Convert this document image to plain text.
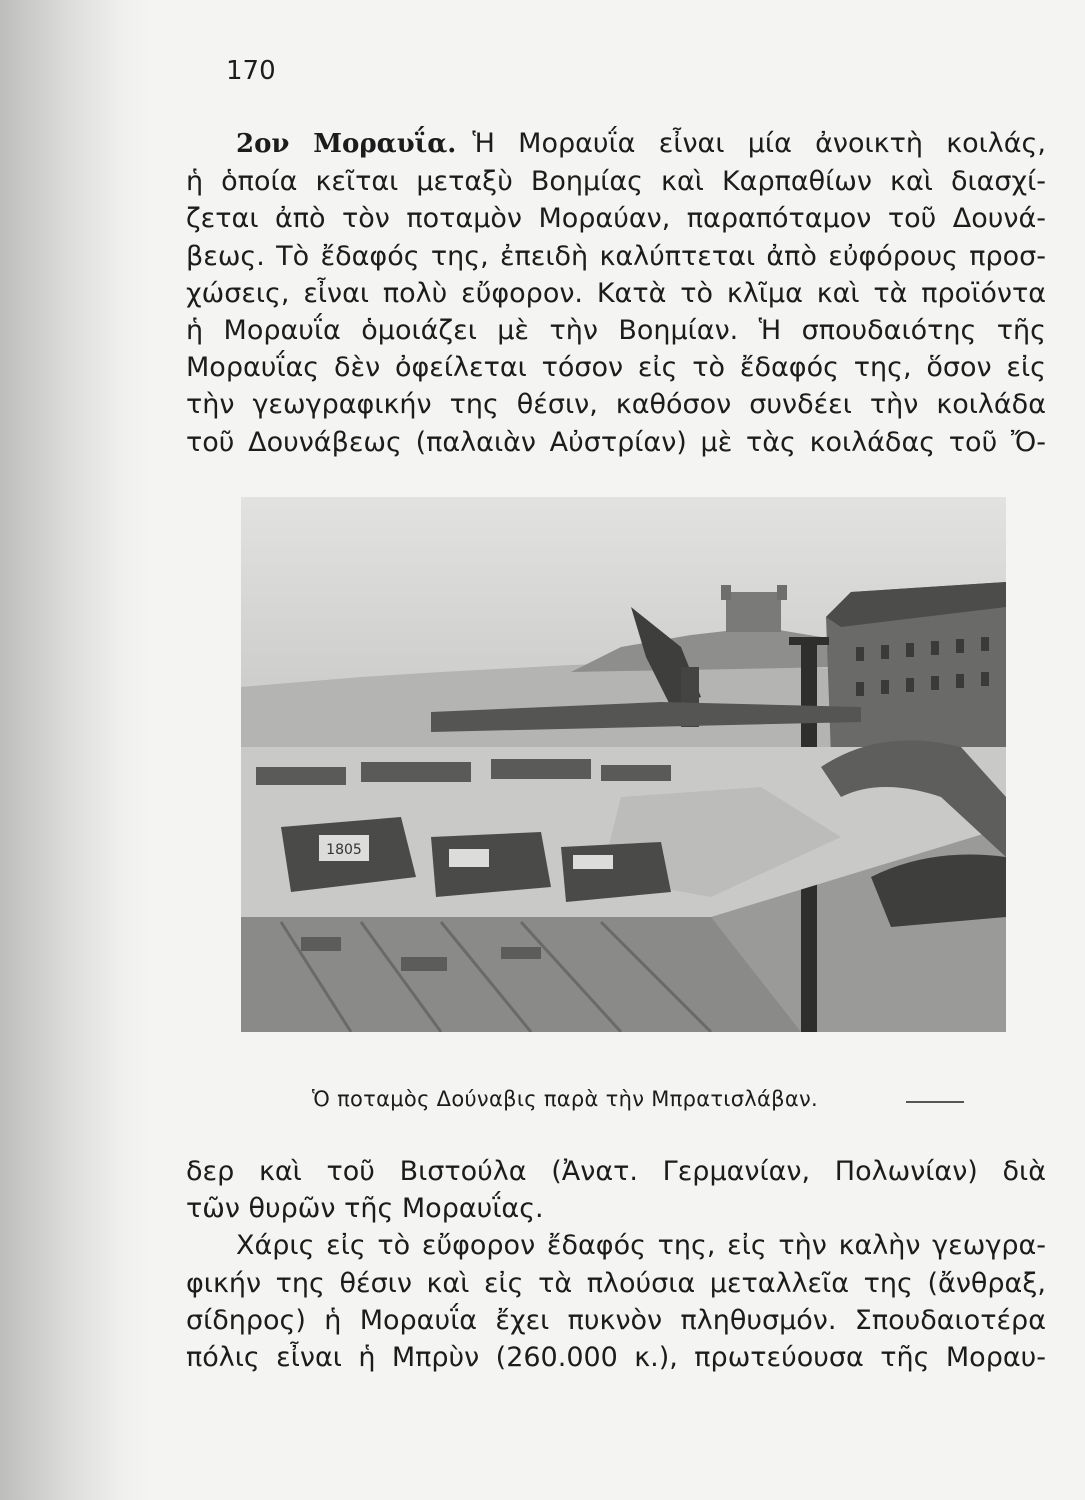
170
2ον Μοραυΐα. Ἡ Μοραυΐα εἶναι μία ἀνοικτὴ κοιλάς,
ἡ ὁποία κεῖται μεταξὺ Βοημίας καὶ Καρπαθίων καὶ διασχί-
ζεται ἀπὸ τὸν ποταμὸν Μοραύαν, παραπόταμον τοῦ Δουνά-
βεως. Τὸ ἔδαφός της, ἐπειδὴ καλύπτεται ἀπὸ εὐφόρους προσ-
χώσεις, εἶναι πολὺ εὔφορον. Κατὰ τὸ κλῖμα καὶ τὰ προϊόντα
ἡ Μοραυΐα ὁμοιάζει μὲ τὴν Βοημίαν. Ἡ σπουδαιότης τῆς
Μοραυΐας δὲν ὀφείλεται τόσον εἰς τὸ ἔδαφός της, ὅσον εἰς
τὴν γεωγραφικήν της θέσιν, καθόσον συνδέει τὴν κοιλάδα
τοῦ Δουνάβεως (παλαιὰν Αὐστρίαν) μὲ τὰς κοιλάδας τοῦ Ὄ-
1805
Ὁ ποταμὸς Δούναβις παρὰ τὴν Μπρατισλάβαν.
δερ καὶ τοῦ Βιστούλα (Ἀνατ. Γερμανίαν, Πολωνίαν) διὰ
τῶν θυρῶν τῆς Μοραυΐας.
Χάρις εἰς τὸ εὔφορον ἔδαφός της, εἰς τὴν καλὴν γεωγρα-
φικήν της θέσιν καὶ εἰς τὰ πλούσια μεταλλεῖα της (ἄνθραξ,
σίδηρος) ἡ Μοραυΐα ἔχει πυκνὸν πληθυσμόν. Σπουδαιοτέρα
πόλις εἶναι ἡ Μπρὺν (260.000 κ.), πρωτεύουσα τῆς Μοραυ-
